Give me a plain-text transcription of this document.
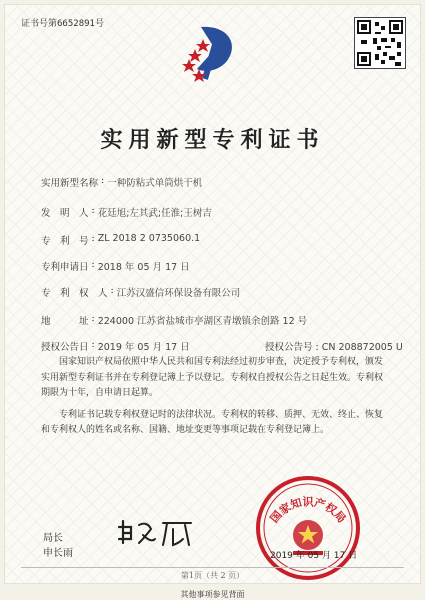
证书号第6652891号
实用新型专利证书
实用新型名称 : 一种防粘式单筒烘干机
发　明　人 : 花廷旭;左其武;任淮;王树吉
专　利　号 : ZL 2018 2 0735060.1
专利申请日 : 2018 年 05 月 17 日
专　利　权　人 : 江苏汉盛信环保设备有限公司
地　　　址 : 224000 江苏省盐城市亭湖区青墩镇余创路 12 号
授权公告日 : 2019 年 05 月 17 日	授权公告号 : CN 208872005 U

国家知识产权局依照中华人民共和国专利法经过初步审查，决定授予专利权，颁发实用新型专利证书并在专利登记簿上予以登记。专利权自授权公告之日起生效。专利权期限为十年，自申请日起算。

专利证书记载专利权登记时的法律状况。专利权的转移、质押、无效、终止、恢复和专利权人的姓名或名称、国籍、地址变更等事项记载在专利登记簿上。

局长
申长雨
国家知识产权局
2019 年 05 月 17 日
第1页（共 2 页）
其他事项参见背面
